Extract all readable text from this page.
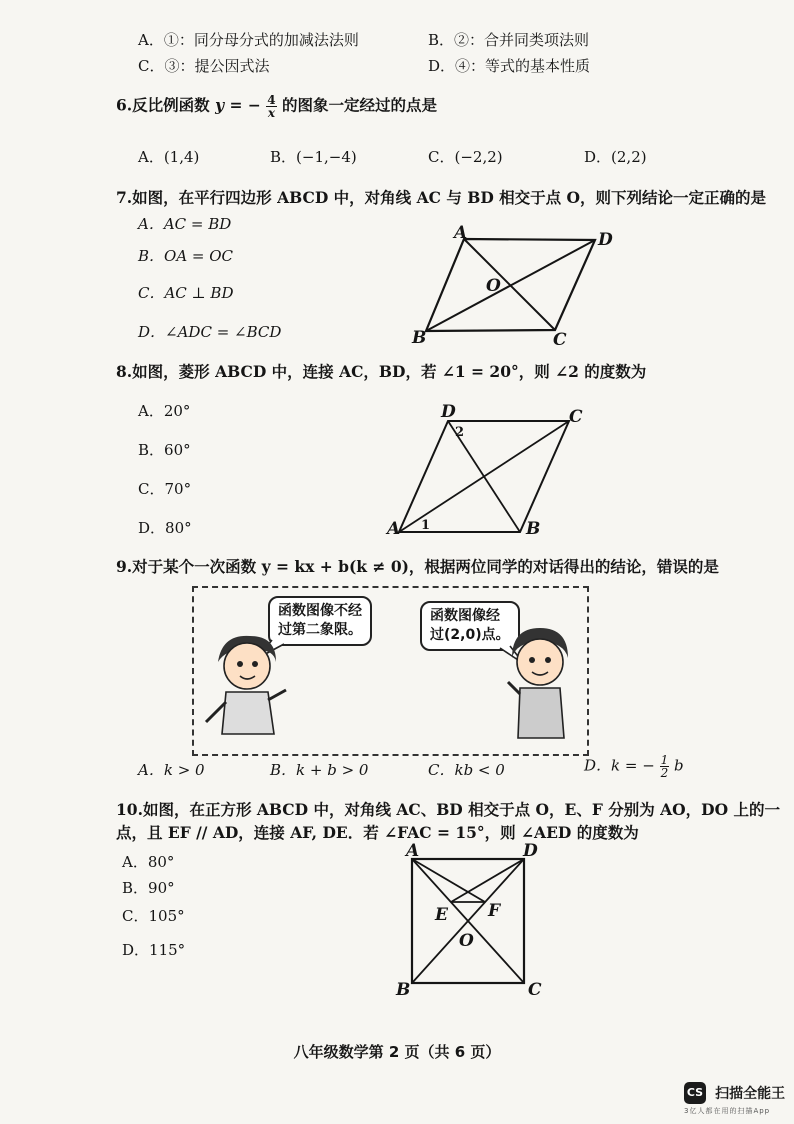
A．①：同分母分式的加减法法则	B．②：合并同类项法则
C．③：提公因式法	D．④：等式的基本性质
6.反比例函数 y = − $\frac{4}{x}$ 的图象一定经过的点是
A．(1,4)	B．(−1,−4)	C．(−2,2)	D．(2,2)
7.如图，在平行四边形 ABCD 中，对角线 AC 与 BD 相交于点 O，则下列结论一定正确的是
A．AC = BD
B．OA = OC
C．AC ⊥ BD
D．∠ADC = ∠BCD
A	D
B	C
O
8.如图，菱形 ABCD 中，连接 AC，BD，若 ∠1 = 20°，则 ∠2 的度数为
A．20°
B．60°
C．70°
D．80°
D	C
A	B
1
2
9.对于某个一次函数 y = kx + b(k ≠ 0)，根据两位同学的对话得出的结论，错误的是
函数图像不经
过第二象限。
函数图像经
过(2,0)点。
A．k > 0	B．k + b > 0	C．kb < 0	D．k = − $\frac{1}{2}$ b
10.如图，在正方形 ABCD 中，对角线 AC、BD 相交于点 O，E、F 分别为 AO，DO 上的一
点，且 EF // AD，连接 AF, DE．若 ∠FAC = 15°，则 ∠AED 的度数为
A．80°
B．90°
C．105°
D．115°
A	D
B	C
E F
O
八年级数学第 2 页（共 6 页）
CS 扫描全能王
3亿人都在用的扫描App
